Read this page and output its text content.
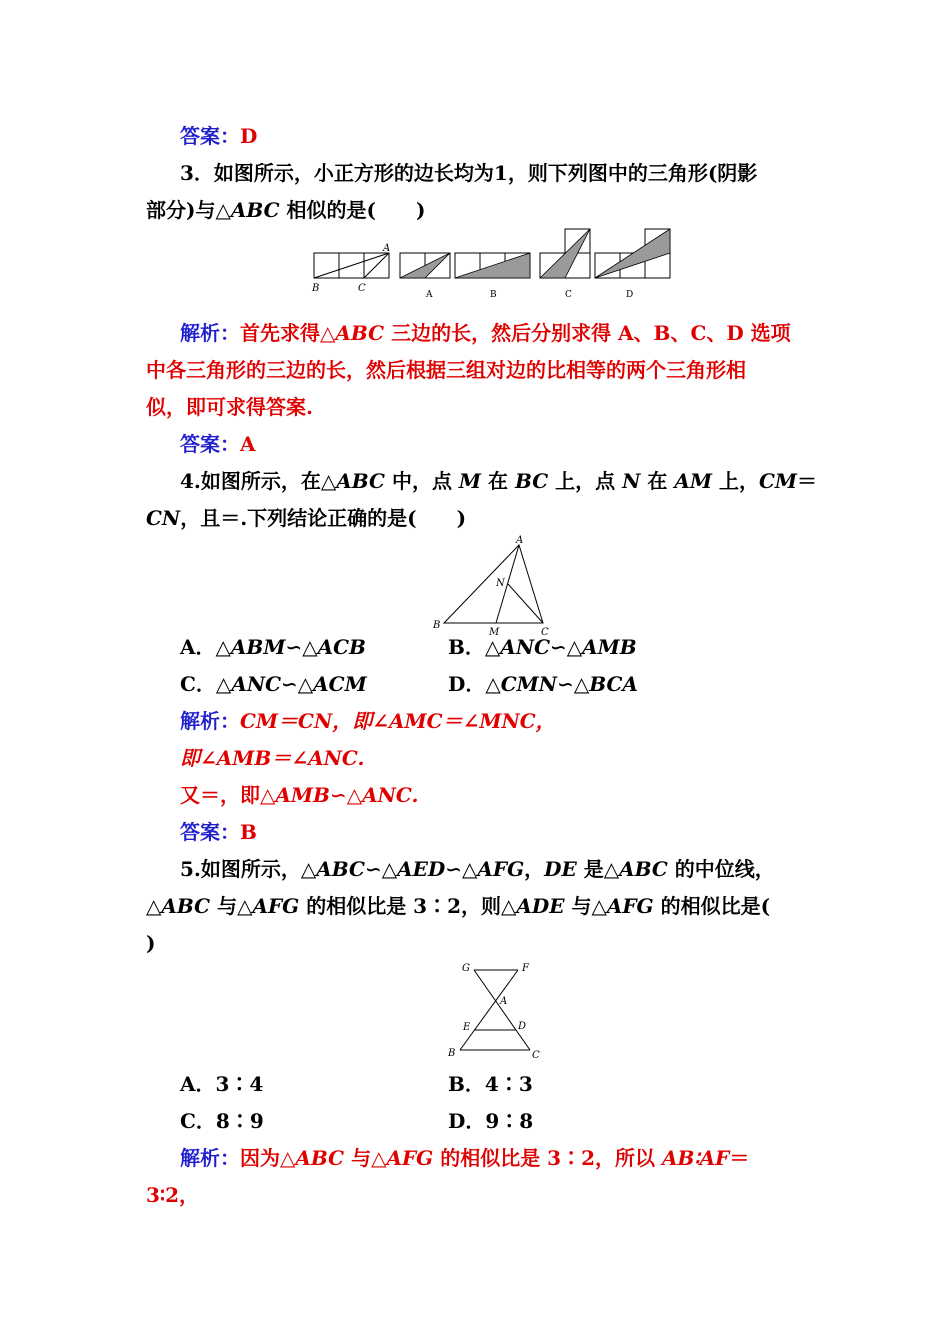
答案：D
3．如图所示，小正方形的边长均为1，则下列图中的三角形(阴影
部分)与△ABC 相似的是(　　)
B	C
A
A	B	C	D
解析：首先求得△ABC 三边的长，然后分别求得 A、B、C、D 选项
中各三角形的三边的长，然后根据三组对边的比相等的两个三角形相
似，即可求得答案.
答案：A
4.如图所示，在△ABC 中，点 M 在 BC 上，点 N 在 AM 上，CM＝
CN，且＝.下列结论正确的是(　　)
A
B
C
M
N
A．△ABM∽△ACB	B．△ANC∽△AMB
C．△ANC∽△ACM	D．△CMN∽△BCA
解析：CM＝CN，即∠AMC＝∠MNC，
即∠AMB＝∠ANC.
又＝，即△AMB∽△ANC.
答案：B
5.如图所示，△ABC∽△AED∽△AFG，DE 是△ABC 的中位线，
△ABC 与△AFG 的相似比是 3∶2，则△ADE 与△AFG 的相似比是(
)
G	F
A
E	D
B	C
A．3∶4	B．4∶3
C．8∶9	D．9∶8
解析：因为△ABC 与△AFG 的相似比是 3∶2，所以 AB∶AF＝
3∶2，
